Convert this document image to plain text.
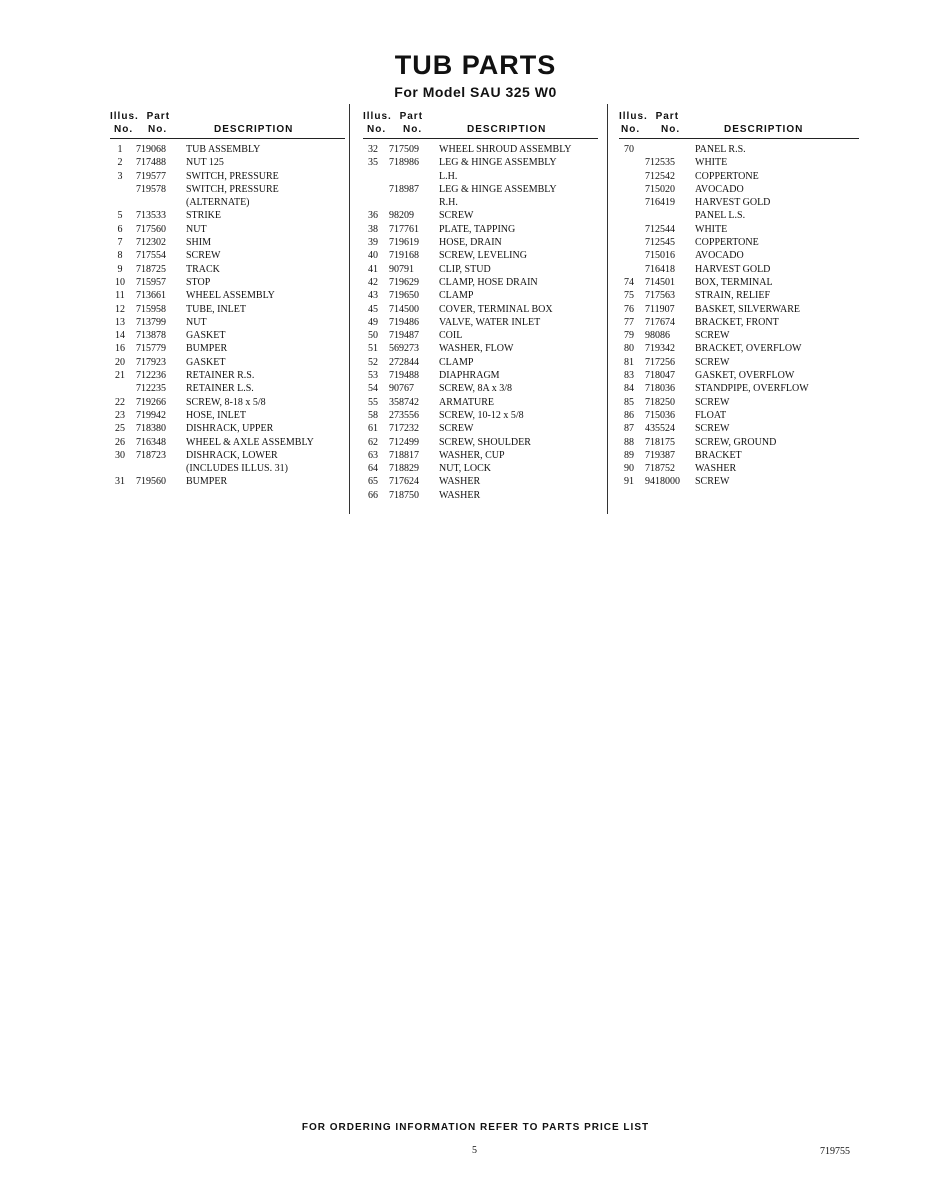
TUB PARTS
For Model SAU 325 W0
Illus. Part
No. No.	DESCRIPTION
1	719068 TUB ASSEMBLY
2	717488 NUT 125
3	719577 SWITCH, PRESSURE
719578 SWITCH, PRESSURE
(ALTERNATE)
5	713533 STRIKE
6	717560 NUT
7	712302 SHIM
8	717554 SCREW
9	718725 TRACK
10	715957 STOP
11	713661 WHEEL ASSEMBLY
12	715958 TUBE, INLET
13	713799 NUT
14	713878 GASKET
16	715779 BUMPER
20	717923 GASKET
21	712236 RETAINER R.S.
712235 RETAINER L.S.
22	719266 SCREW, 8-18 x 5/8
23	719942 HOSE, INLET
25	718380 DISHRACK, UPPER
26	716348 WHEEL & AXLE ASSEMBLY
30	718723 DISHRACK, LOWER
(INCLUDES ILLUS. 31)
31	719560 BUMPER
Illus. Part
No. No.	DESCRIPTION
32	717509 WHEEL SHROUD ASSEMBLY
35	718986 LEG & HINGE ASSEMBLY
L.H.
718987 LEG & HINGE ASSEMBLY
R.H.
36	98209	SCREW
38	717761 PLATE, TAPPING
39	719619 HOSE, DRAIN
40	719168 SCREW, LEVELING
41	90791	CLIP, STUD
42	719629 CLAMP, HOSE DRAIN
43	719650 CLAMP
45	714500 COVER, TERMINAL BOX
49	719486 VALVE, WATER INLET
50	719487 COIL
51	569273 WASHER, FLOW
52	272844 CLAMP
53	719488 DIAPHRAGM
54	90767	SCREW, 8A x 3/8
55	358742 ARMATURE
58	273556 SCREW, 10-12 x 5/8
61	717232 SCREW
62	712499 SCREW, SHOULDER
63	718817 WASHER, CUP
64	718829 NUT, LOCK
65	717624 WASHER
66	718750 WASHER
Illus. Part
No. No.	DESCRIPTION
70	PANEL R.S.
712535 WHITE
712542 COPPERTONE
715020 AVOCADO
716419 HARVEST GOLD
PANEL L.S.
712544 WHITE
712545 COPPERTONE
715016 AVOCADO
716418 HARVEST GOLD
74	714501 BOX, TERMINAL
75	717563 STRAIN, RELIEF
76	711907 BASKET, SILVERWARE
77	717674 BRACKET, FRONT
79	98086	SCREW
80	719342 BRACKET, OVERFLOW
81	717256 SCREW
83	718047 GASKET, OVERFLOW
84	718036 STANDPIPE, OVERFLOW
85	718250 SCREW
86	715036 FLOAT
87	435524 SCREW
88	718175 SCREW, GROUND
89	719387 BRACKET
90	718752 WASHER
91	9418000 SCREW
FOR ORDERING INFORMATION REFER TO PARTS PRICE LIST
5	719755
